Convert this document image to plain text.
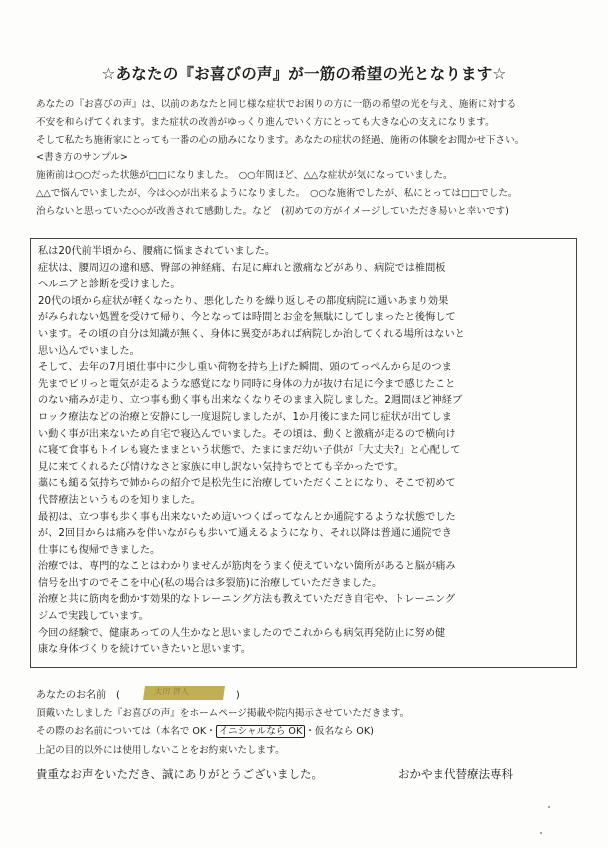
☆あなたの『お喜びの声』が一筋の希望の光となります☆
あなたの『お喜びの声』は、以前のあなたと同じ様な症状でお困りの方に一筋の希望の光を与え、施術に対する
不安を和らげてくれます。また症状の改善がゆっくり進んでいく方にとっても大きな心の支えになります。
そして私たち施術家にとっても一番の心の励みになります。あなたの症状の経過、施術の体験をお聞かせ下さい。
<書き方のサンプル>
施術前は○○だった状態が□□になりました。　○○年間ほど、△△な症状が気になっていました。
△△で悩んでいましたが、今は◇◇が出来るようになりました。　○○な施術でしたが、私にとっては□□でした。
治らないと思っていた◇◇が改善されて感動した。など　(初めての方がイメージしていただき易いと幸いです)
私は20代前半頃から、腰痛に悩まされていました。
症状は、腰周辺の違和感、臀部の神経痛、右足に痺れと激痛などがあり、病院では椎間板
ヘルニアと診断を受けました。
20代の頃から症状が軽くなったり、悪化したりを繰り返しその都度病院に通いあまり効果
がみられない処置を受けて帰り、今となっては時間とお金を無駄にしてしまったと後悔して
います。その頃の自分は知識が無く、身体に異変があれば病院しか治してくれる場所はないと
思い込んでいました。
そして、去年の7月頃仕事中に少し重い荷物を持ち上げた瞬間、頭のてっぺんから足のつま
先までビリっと電気が走るような感覚になり同時に身体の力が抜け右足に今まで感じたこと
のない痛みが走り、立つ事も動く事も出来なくなりそのまま入院しました。2週間ほど神経ブ
ロック療法などの治療と安静にし一度退院しましたが、1か月後にまた同じ症状が出てしま
い動く事が出来ないため自宅で寝込んでいました。その頃は、動くと激痛が走るので横向け
に寝て食事もトイレも寝たままという状態で、たまにまだ幼い子供が「大丈夫?」と心配して
見に来てくれるたび情けなさと家族に申し訳ない気持ちでとても辛かったです。
藁にも縋る気持ちで姉からの紹介で是松先生に治療していただくことになり、そこで初めて
代替療法というものを知りました。
最初は、立つ事も歩く事も出来ないため這いつくばってなんとか通院するような状態でした
が、2回目からは痛みを伴いながらも歩いて通えるようになり、それ以降は普通に通院でき
仕事にも復帰できました。
治療では、専門的なことはわかりませんが筋肉をうまく使えていない箇所があると脳が痛み
信号を出すのでそこを中心(私の場合は多裂筋)に治療していただきました。
治療と共に筋肉を動かす効果的なトレーニング方法も教えていただき自宅や、トレーニング
ジムで実践しています。
今回の経験で、健康あっての人生かなと思いましたのでこれからも病気再発防止に努め健
康な身体づくりを続けていきたいと思います。
あなたのお名前 (	太田 啓人	)
頂戴いたしました『お喜びの声』をホームページ掲載や院内掲示させていただきます。
その際のお名前については（本名で OK・ イニシャルなら OK ・仮名なら OK)
上記の目的以外には使用しないことをお約束いたします。
貴重なお声をいただき、誠にありがとうございました。	おかやま代替療法専科
